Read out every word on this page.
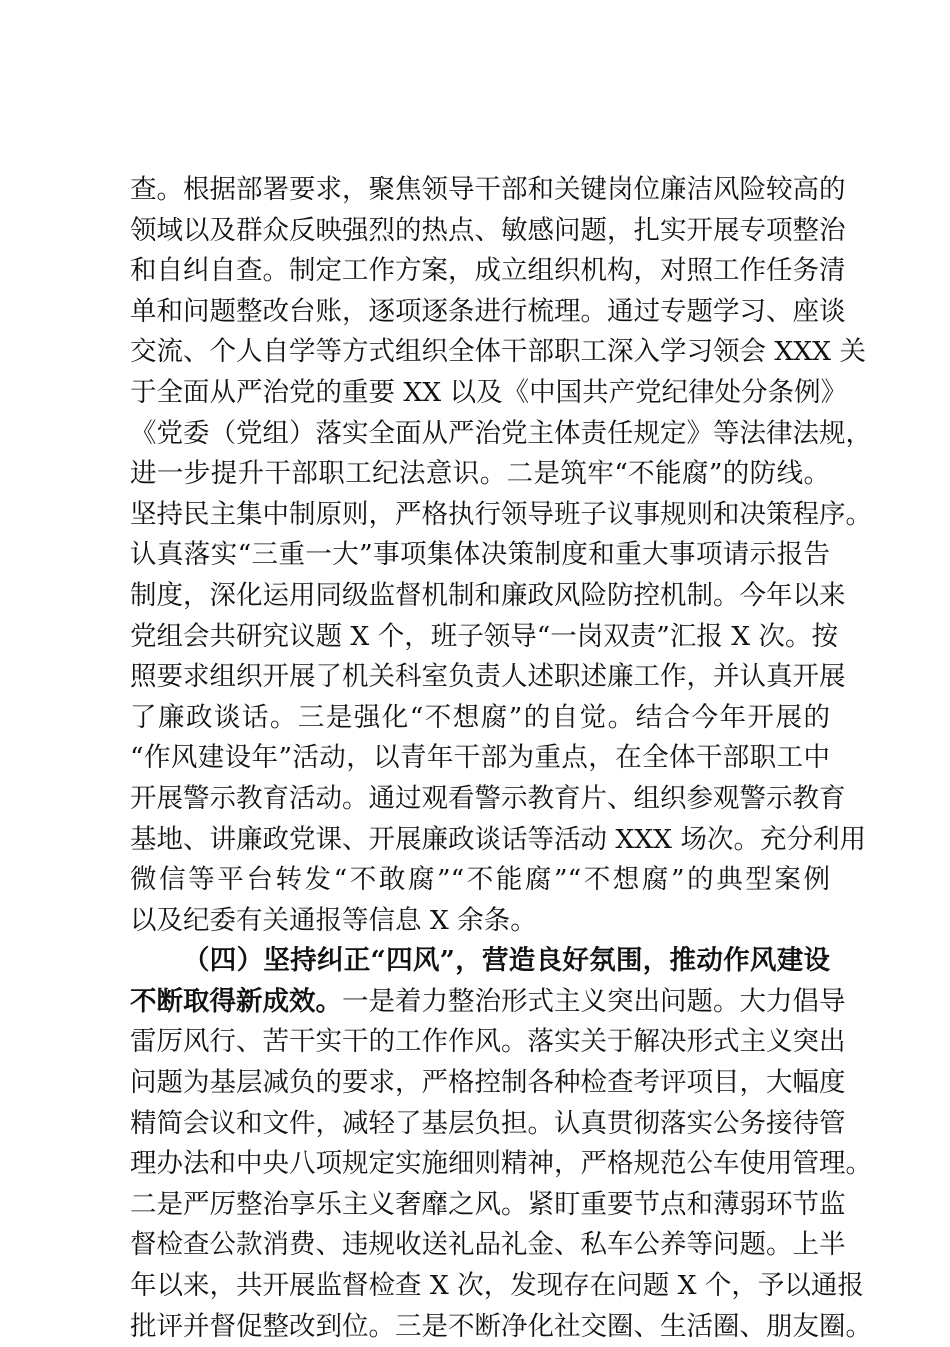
查。根据部署要求，聚焦领导干部和关键岗位廉洁风险较高的
领域以及群众反映强烈的热点、敏感问题，扎实开展专项整治
和自纠自查。制定工作方案，成立组织机构，对照工作任务清
单和问题整改台账，逐项逐条进行梳理。通过专题学习、座谈
交流、个人自学等方式组织全体干部职工深入学习领会 XXX 关
于全面从严治党的重要 XX 以及《中国共产党纪律处分条例》
《党委（党组）落实全面从严治党主体责任规定》等法律法规，
进一步提升干部职工纪法意识。二是筑牢“不能腐”的防线。
坚持民主集中制原则，严格执行领导班子议事规则和决策程序。
认真落实“三重一大”事项集体决策制度和重大事项请示报告
制度，深化运用同级监督机制和廉政风险防控机制。今年以来
党组会共研究议题 X 个，班子领导“一岗双责”汇报 X 次。按
照要求组织开展了机关科室负责人述职述廉工作，并认真开展
了廉政谈话。三是强化“不想腐”的自觉。结合今年开展的
“作风建设年”活动，以青年干部为重点，在全体干部职工中
开展警示教育活动。通过观看警示教育片、组织参观警示教育
基地、讲廉政党课、开展廉政谈话等活动 XXX 场次。充分利用
微信等平台转发“不敢腐”“不能腐”“不想腐”的典型案例
以及纪委有关通报等信息 X 余条。
（四）坚持纠正“四风”，营造良好氛围，推动作风建设
不断取得新成效。一是着力整治形式主义突出问题。大力倡导
雷厉风行、苦干实干的工作作风。落实关于解决形式主义突出
问题为基层减负的要求，严格控制各种检查考评项目，大幅度
精简会议和文件，减轻了基层负担。认真贯彻落实公务接待管
理办法和中央八项规定实施细则精神，严格规范公车使用管理。
二是严厉整治享乐主义奢靡之风。紧盯重要节点和薄弱环节监
督检查公款消费、违规收送礼品礼金、私车公养等问题。上半
年以来，共开展监督检查 X 次，发现存在问题 X 个，予以通报
批评并督促整改到位。三是不断净化社交圈、生活圈、朋友圈。
